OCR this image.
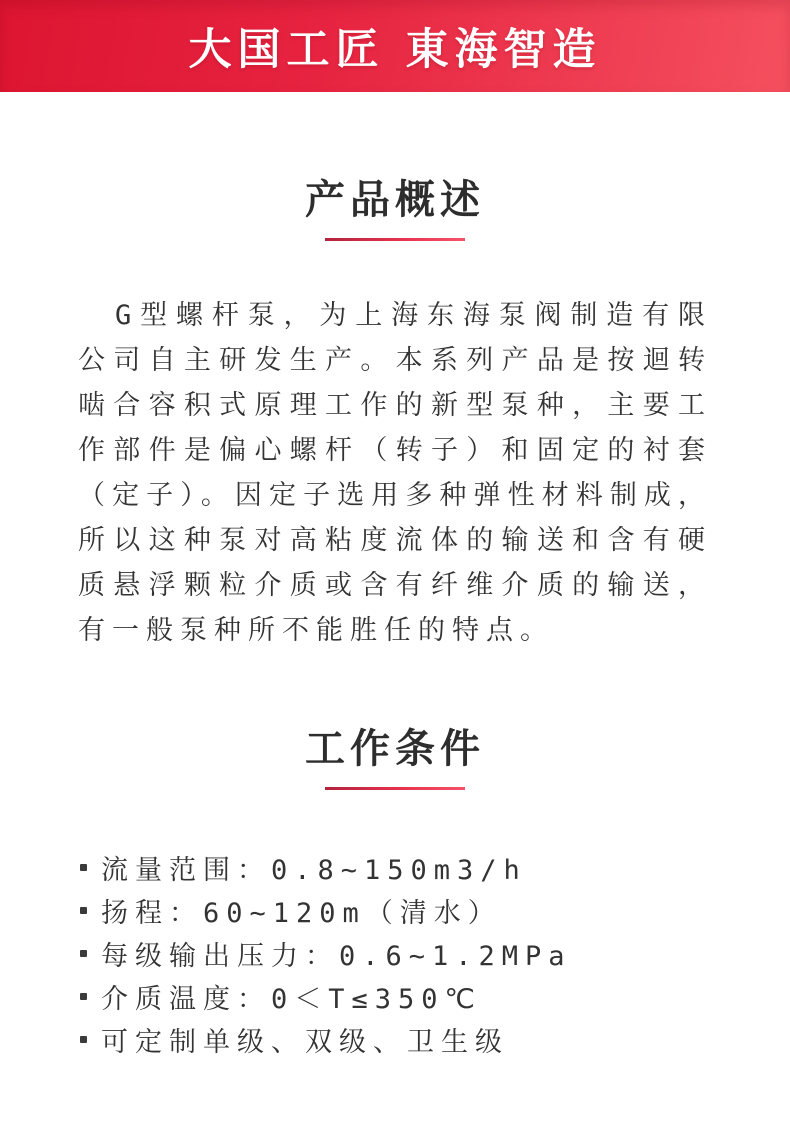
大国工匠 東海智造
产品概述

G型螺杆泵，为上海东海泵阀制造有限公司自主研发生产。本系列产品是按迴转啮合容积式原理工作的新型泵种，主要工作部件是偏心螺杆（转子）和固定的衬套（定子）。因定子选用多种弹性材料制成，所以这种泵对高粘度流体的输送和含有硬质悬浮颗粒介质或含有纤维介质的输送，有一般泵种所不能胜任的特点。

工作条件
流量范围：0.8~150m3/h
扬程：60~120m（清水）
每级输出压力：0.6~1.2MPa
介质温度：0＜T≤350℃
可定制单级、双级、卫生级
